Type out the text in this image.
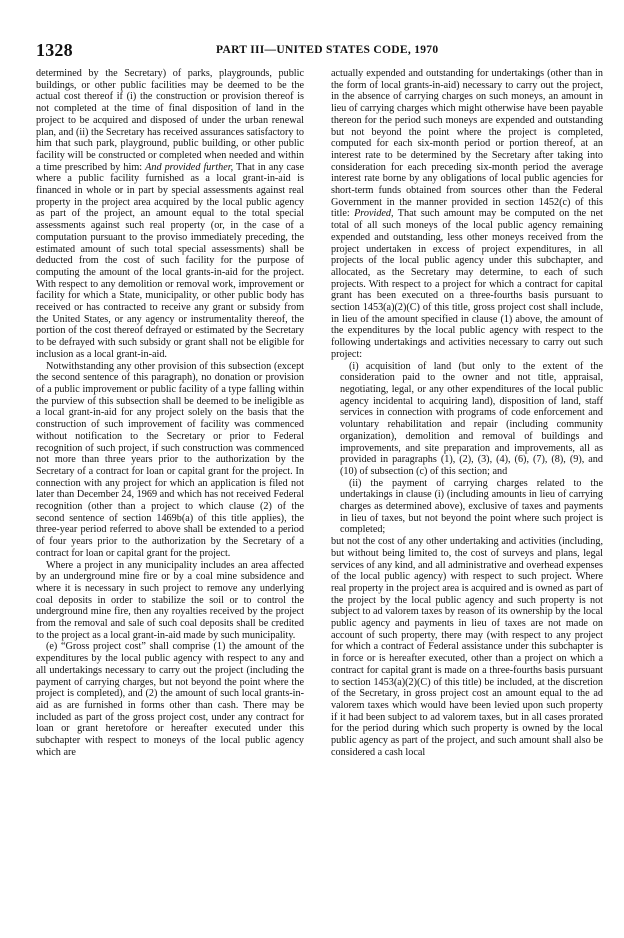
1328	PART III—UNITED STATES CODE, 1970

determined by the Secretary) of parks, playgrounds, public buildings, or other public facilities may be deemed to be the actual cost thereof if (i) the construction or provision thereof is not completed at the time of final disposition of land in the project to be acquired and disposed of under the urban renewal plan, and (ii) the Secretary has received assurances satisfactory to him that such park, playground, public building, or other public facility will be constructed or completed when needed and within a time prescribed by him: And provided further, That in any case where a public facility furnished as a local grant-in-aid is financed in whole or in part by special assessments against real property in the project area acquired by the local public agency as part of the project, an amount equal to the total special assessments against such real property (or, in the case of a computation pursuant to the proviso immediately preceding, the estimated amount of such total special assessments) shall be deducted from the cost of such facility for the purpose of computing the amount of the local grants-in-aid for the project. With respect to any demolition or removal work, improvement or facility for which a State, municipality, or other public body has received or has contracted to receive any grant or subsidy from the United States, or any agency or instrumentality thereof, the portion of the cost thereof defrayed or estimated by the Secretary to be defrayed with such subsidy or grant shall not be eligible for inclusion as a local grant-in-aid.

Notwithstanding any other provision of this subsection (except the second sentence of this paragraph), no donation or provision of a public improvement or public facility of a type falling within the purview of this subsection shall be deemed to be ineligible as a local grant-in-aid for any project solely on the basis that the construction of such improvement of facility was commenced without notification to the Secretary or prior to Federal recognition of such project, if such construction was commenced not more than three years prior to the authorization by the Secretary of a contract for loan or capital grant for the project. In connection with any project for which an application is filed not later than December 24, 1969 and which has not received Federal recognition (other than a project to which clause (2) of the second sentence of section 1469b(a) of this title applies), the three-year period referred to above shall be extended to a period of four years prior to the authorization by the Secretary of a contract for loan or capital grant for the project.

Where a project in any municipality includes an area affected by an underground mine fire or by a coal mine subsidence and where it is necessary in such project to remove any underlying coal deposits in order to stabilize the soil or to control the underground mine fire, then any royalties received by the project from the removal and sale of such coal deposits shall be credited to the project as a local grant-in-aid made by such municipality.

(e) “Gross project cost” shall comprise (1) the amount of the expenditures by the local public agency with respect to any and all undertakings necessary to carry out the project (including the payment of carrying charges, but not beyond the point where the project is completed), and (2) the amount of such local grants-in-aid as are furnished in forms other than cash. There may be included as part of the gross project cost, under any contract for loan or grant heretofore or hereafter executed under this subchapter with respect to moneys of the local public agency which are

actually expended and outstanding for undertakings (other than in the form of local grants-in-aid) necessary to carry out the project, in the absence of carrying charges on such moneys, an amount in lieu of carrying charges which might otherwise have been payable thereon for the period such moneys are expended and outstanding but not beyond the point where the project is completed, computed for each six-month period or portion thereof, at an interest rate to be determined by the Secretary after taking into consideration for each preceding six-month period the average interest rate borne by any obligations of local public agencies for short-term funds obtained from sources other than the Federal Government in the manner provided in section 1452(c) of this title: Provided, That such amount may be computed on the net total of all such moneys of the local public agency remaining expended and outstanding, less other moneys received from the project undertaken in excess of project expenditures, in all projects of the local public agency under this subchapter, and allocated, as the Secretary may determine, to each of such projects. With respect to a project for which a contract for capital grant has been executed on a three-fourths basis pursuant to section 1453(a)(2)(C) of this title, gross project cost shall include, in lieu of the amount specified in clause (1) above, the amount of the expenditures by the local public agency with respect to the following undertakings and activities necessary to carry out such project:

(i) acquisition of land (but only to the extent of the consideration paid to the owner and not title, appraisal, negotiating, legal, or any other expenditures of the local public agency incidental to acquiring land), disposition of land, staff services in connection with programs of code enforcement and voluntary rehabilitation and repair (including community organization), demolition and removal of buildings and improvements, and site preparation and improvements, all as provided in paragraphs (1), (2), (3), (4), (6), (7), (8), (9), and (10) of subsection (c) of this section; and

(ii) the payment of carrying charges related to the undertakings in clause (i) (including amounts in lieu of carrying charges as determined above), exclusive of taxes and payments in lieu of taxes, but not beyond the point where such project is completed;

but not the cost of any other undertaking and activities (including, but without being limited to, the cost of surveys and plans, legal services of any kind, and all administrative and overhead expenses of the local public agency) with respect to such project. Where real property in the project area is acquired and is owned as part of the project by the local public agency and such property is not subject to ad valorem taxes by reason of its ownership by the local public agency and payments in lieu of taxes are not made on account of such property, there may (with respect to any project for which a contract of Federal assistance under this subchapter is in force or is hereafter executed, other than a project on which a contract for capital grant is made on a three-fourths basis pursuant to section 1453(a)(2)(C) of this title) be included, at the discretion of the Secretary, in gross project cost an amount equal to the ad valorem taxes which would have been levied upon such property if it had been subject to ad valorem taxes, but in all cases prorated for the period during which such property is owned by the local public agency as part of the project, and such amount shall also be considered a cash local
